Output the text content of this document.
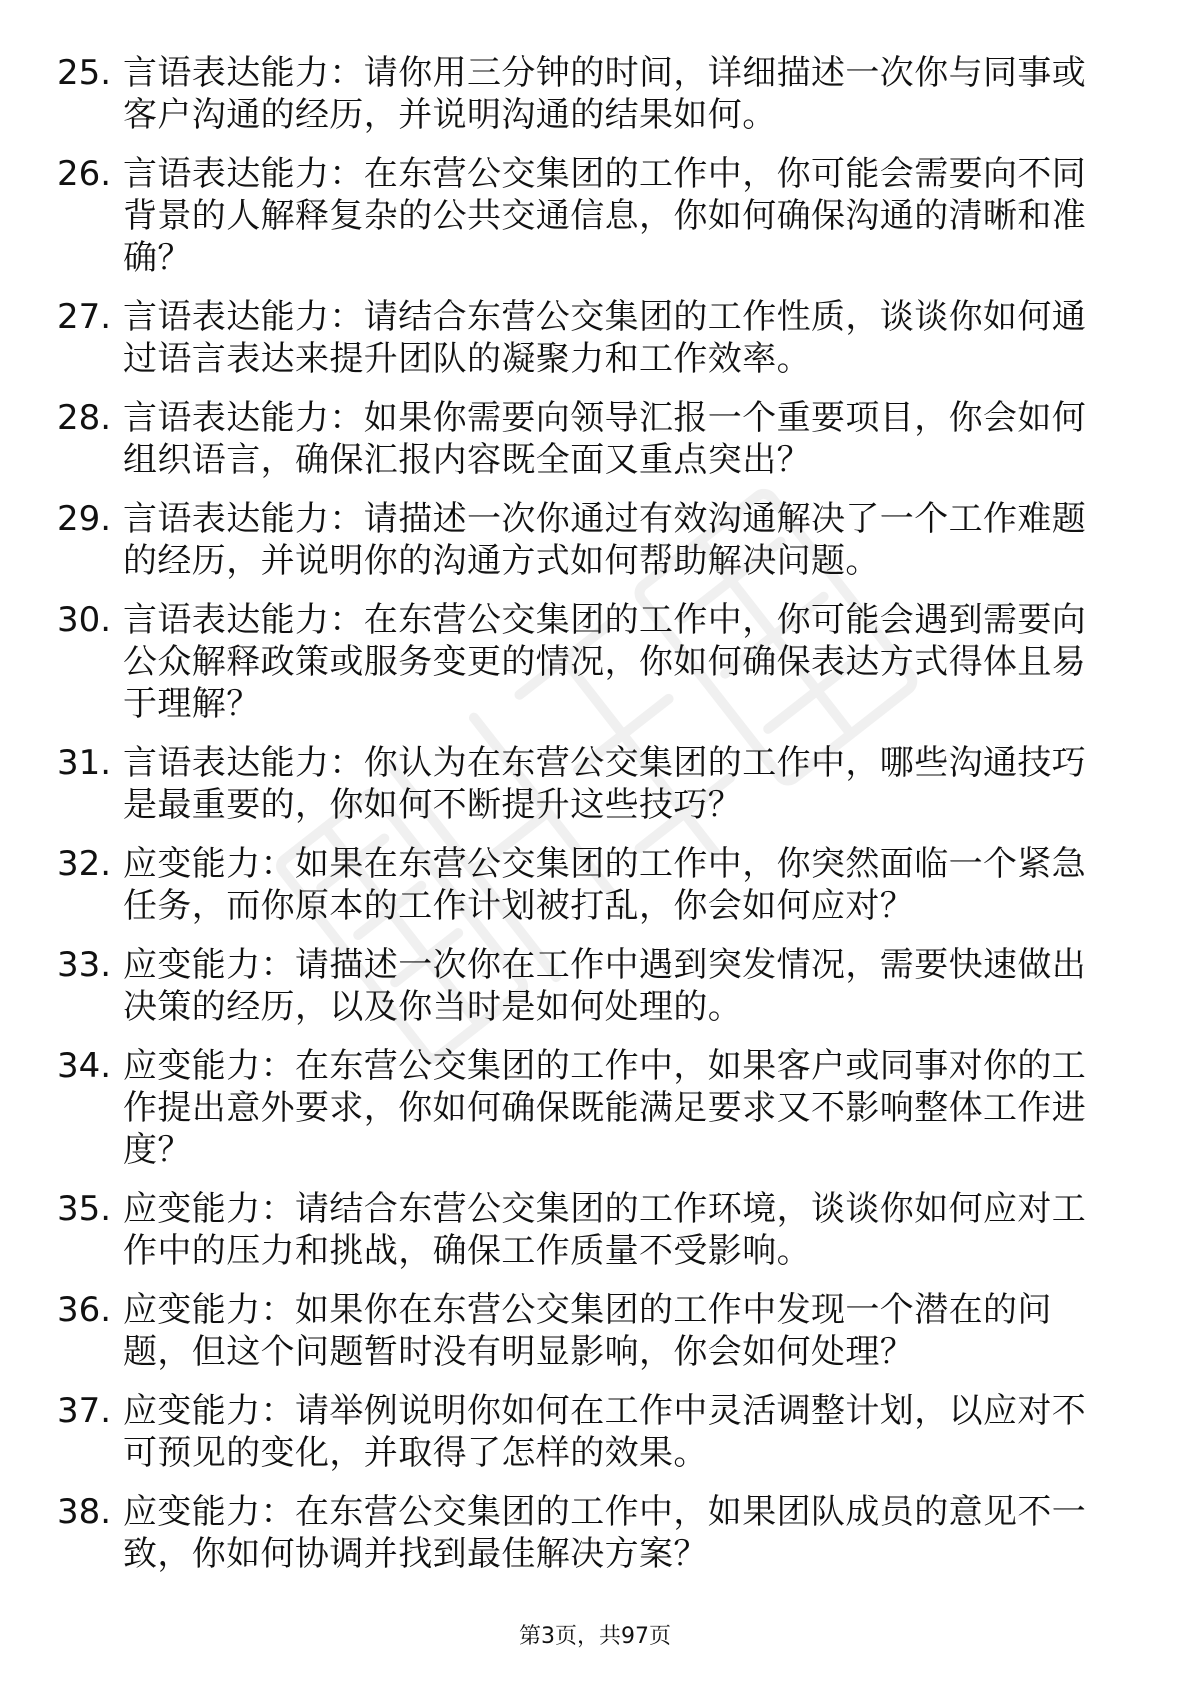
25. 言语表达能力：请你用三分钟的时间，详细描述一次你与同事或客户沟通的经历，并说明沟通的结果如何。
26. 言语表达能力：在东营公交集团的工作中，你可能会需要向不同背景的人解释复杂的公共交通信息，你如何确保沟通的清晰和准确？
27. 言语表达能力：请结合东营公交集团的工作性质，谈谈你如何通过语言表达来提升团队的凝聚力和工作效率。
28. 言语表达能力：如果你需要向领导汇报一个重要项目，你会如何组织语言，确保汇报内容既全面又重点突出？
29. 言语表达能力：请描述一次你通过有效沟通解决了一个工作难题的经历，并说明你的沟通方式如何帮助解决问题。
30. 言语表达能力：在东营公交集团的工作中，你可能会遇到需要向公众解释政策或服务变更的情况，你如何确保表达方式得体且易于理解？
31. 言语表达能力：你认为在东营公交集团的工作中，哪些沟通技巧是最重要的，你如何不断提升这些技巧？
32. 应变能力：如果在东营公交集团的工作中，你突然面临一个紧急任务，而你原本的工作计划被打乱，你会如何应对？
33. 应变能力：请描述一次你在工作中遇到突发情况，需要快速做出决策的经历，以及你当时是如何处理的。
34. 应变能力：在东营公交集团的工作中，如果客户或同事对你的工作提出意外要求，你如何确保既能满足要求又不影响整体工作进度？
35. 应变能力：请结合东营公交集团的工作环境，谈谈你如何应对工作中的压力和挑战，确保工作质量不受影响。
36. 应变能力：如果你在东营公交集团的工作中发现一个潜在的问题，但这个问题暂时没有明显影响，你会如何处理？
37. 应变能力：请举例说明你如何在工作中灵活调整计划，以应对不可预见的变化，并取得了怎样的效果。
38. 应变能力：在东营公交集团的工作中，如果团队成员的意见不一致，你如何协调并找到最佳解决方案？
第3页，共97页
